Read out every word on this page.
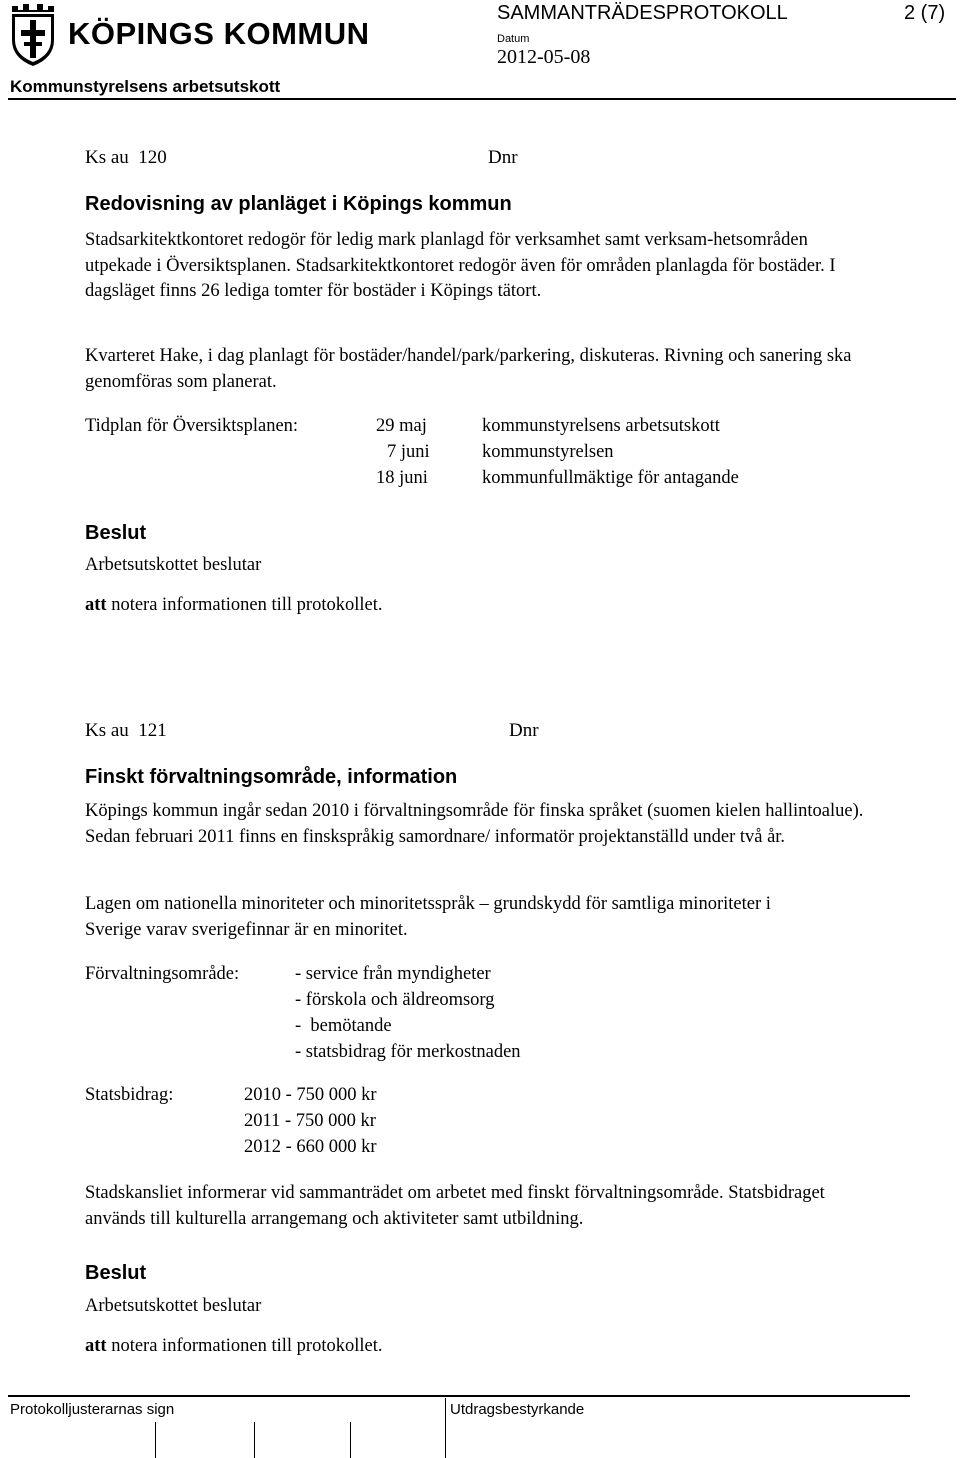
KÖPINGS KOMMUN
SAMMANTRÄDESPROTOKOLL	2 (7)
Datum
2012-05-08
Kommunstyrelsens arbetsutskott
Ks au  120	Dnr
Redovisning av planläget i Köpings kommun
Stadsarkitektkontoret redogör för ledig mark planlagd för verksamhet samt verksam-hetsområden utpekade i Översiktsplanen. Stadsarkitektkontoret redogör även för områden planlagda för bostäder. I dagsläget finns 26 lediga tomter för bostäder i Köpings tätort.
Kvarteret Hake, i dag planlagt för bostäder/handel/park/parkering, diskuteras. Rivning och sanering ska genomföras som planerat.
Tidplan för Översiktsplanen:	29 maj	kommunstyrelsens arbetsutskott
7 juni	kommunstyrelsen
18 juni	kommunfullmäktige för antagande
Beslut
Arbetsutskottet beslutar
att notera informationen till protokollet.
Ks au  121	Dnr
Finskt förvaltningsområde, information
Köpings kommun ingår sedan 2010 i förvaltningsområde för finska språket (suomen kielen hallintoalue). Sedan februari 2011 finns en finskspråkig samordnare/ informatör projektanställd under två år.
Lagen om nationella minoriteter och minoritetsspråk – grundskydd för samtliga minoriteter i Sverige varav sverigefinnar är en minoritet.
Förvaltningsområde:	- service från myndigheter
- förskola och äldreomsorg
-  bemötande
- statsbidrag för merkostnaden
Statsbidrag:	2010 - 750 000 kr
2011 - 750 000 kr
2012 - 660 000 kr
Stadskansliet informerar vid sammanträdet om arbetet med finskt förvaltningsområde. Statsbidraget används till kulturella arrangemang och aktiviteter samt utbildning.
Beslut
Arbetsutskottet beslutar
att notera informationen till protokollet.
Protokolljusterarnas sign	Utdragsbestyrkande
